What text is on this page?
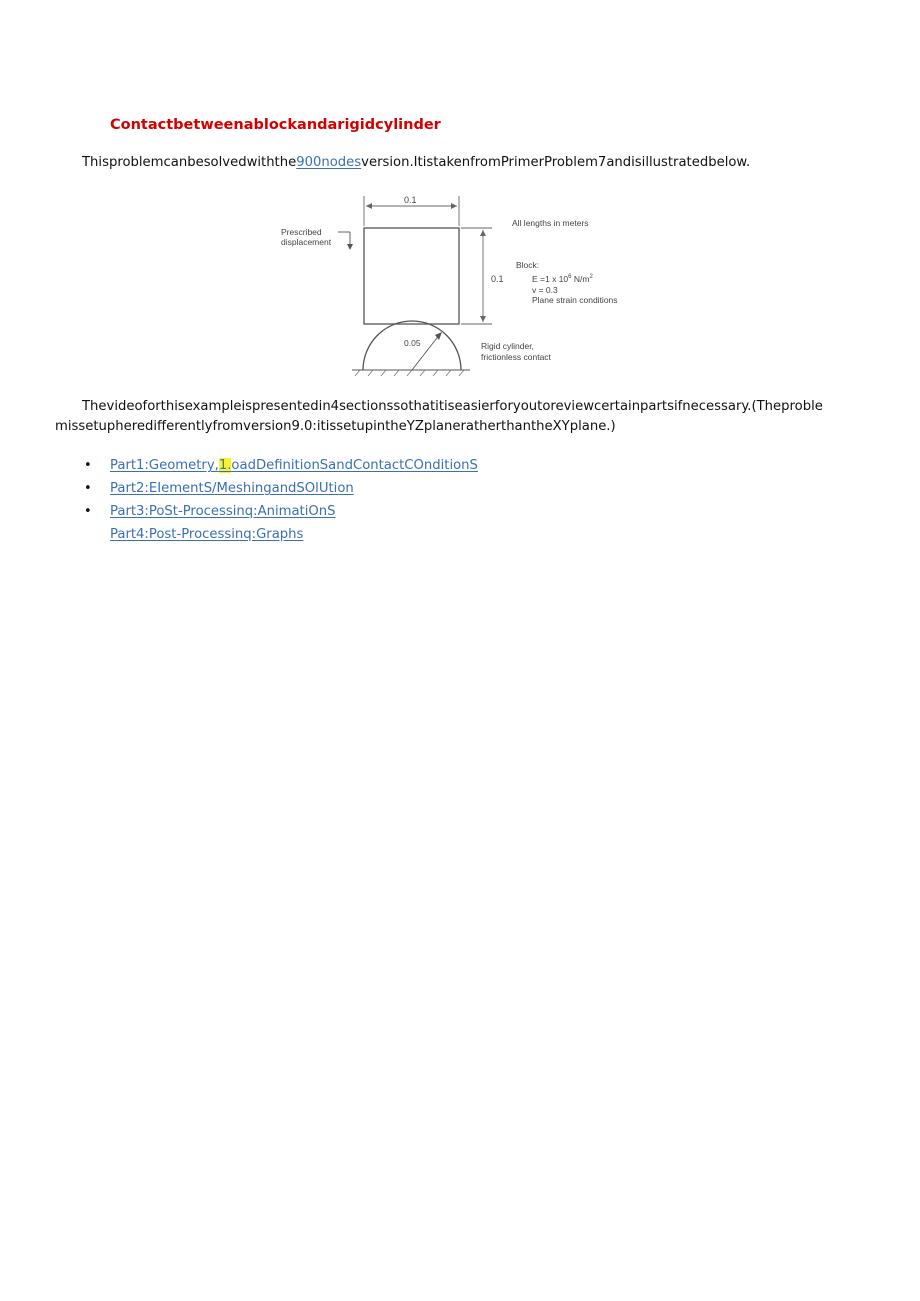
Contactbetweenablockandarigidcylinder
Thisproblemcanbesolvedwiththe900nodesversion.ItistakenfromPrimerProblem7andisillustratedbelow.
0.1
0.1
Prescribed
displacement
All lengths in meters
Block:
E =1 x $10^6$ $N/m^2$
v = 0.3
Plane strain conditions
0.05	Rigid cylinder,
frictionless contact
Thevideoforthisexampleispresentedin4sectionssothatitiseasierforyoutoreviewcertainpartsifnecessary.(Theproble
missetupheredifferentlyfromversion9.0:itissetupintheYZplaneratherthantheXYplane.)
• Part1:Geometry,1.oadDefinitionSandContactCOnditionS
• Part2:EIementS/MeshingandSOlUtion
• Part3:PoSt-Processinq:AnimatiOnS
Part4:Post-Processinq:Graphs
